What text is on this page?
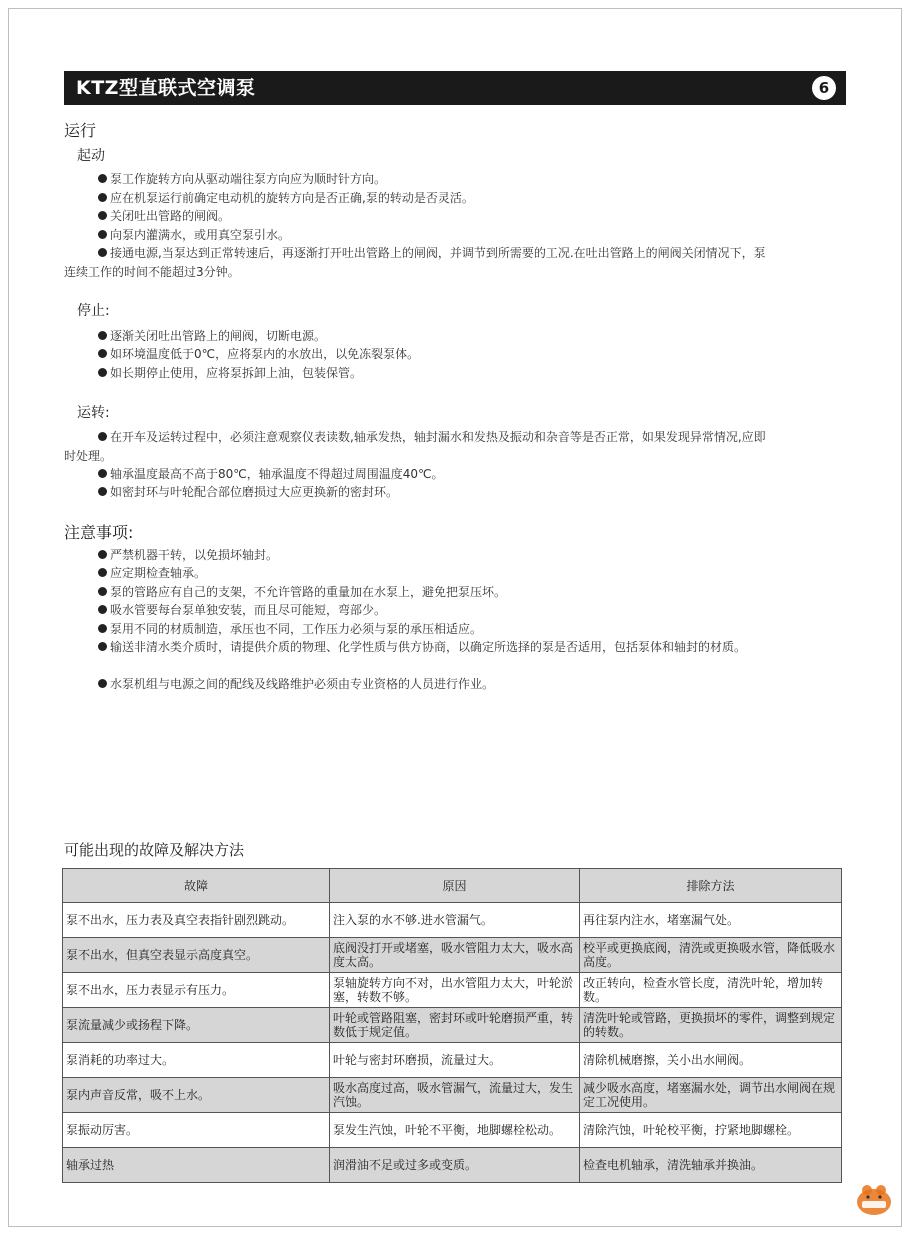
KTZ型直联式空调泵	6
运行
起动
泵工作旋转方向从驱动端往泵方向应为顺时针方向。
应在机泵运行前确定电动机的旋转方向是否正确,泵的转动是否灵活。
关闭吐出管路的闸阀。
向泵内灌满水，或用真空泵引水。
接通电源,当泵达到正常转速后，再逐渐打开吐出管路上的闸阀，并调节到所需要的工况.在吐出管路上的闸阀关闭情况下，泵连续工作的时间不能超过3分钟。
停止:
逐渐关闭吐出管路上的闸阀，切断电源。
如环境温度低于0℃，应将泵内的水放出，以免冻裂泵体。
如长期停止使用，应将泵拆卸上油，包装保管。
运转:
在开车及运转过程中，必须注意观察仪表读数,轴承发热，轴封漏水和发热及振动和杂音等是否正常，如果发现异常情况,应即时处理。
轴承温度最高不高于80℃，轴承温度不得超过周围温度40℃。
如密封环与叶轮配合部位磨损过大应更换新的密封环。
注意事项:
严禁机器干转，以免损坏轴封。
应定期检查轴承。
泵的管路应有自己的支架，不允许管路的重量加在水泵上，避免把泵压坏。
吸水管要每台泵单独安装，而且尽可能短，弯部少。
泵用不同的材质制造，承压也不同，工作压力必须与泵的承压相适应。
输送非清水类介质时，请提供介质的物理、化学性质与供方协商，以确定所选择的泵是否适用，包括泵体和轴封的材质。
水泵机组与电源之间的配线及线路维护必须由专业资格的人员进行作业。
可能出现的故障及解决方法
故障	原因	排除方法
泵不出水，压力表及真空表指针剧烈跳动。	注入泵的水不够.进水管漏气。	再往泵内注水，堵塞漏气处。
泵不出水，但真空表显示高度真空。	底阀没打开或堵塞，吸水管阻力太大，吸水高度太高。	校平或更换底阀，清洗或更换吸水管，降低吸水高度。
泵不出水，压力表显示有压力。	泵轴旋转方向不对，出水管阻力太大，叶轮淤塞，转数不够。	改正转向，检查水管长度，清洗叶轮，增加转数。
泵流量减少或扬程下降。	叶轮或管路阻塞，密封环或叶轮磨损严重，转数低于规定值。	清洗叶轮或管路，更换损坏的零件，调整到规定的转数。
泵消耗的功率过大。	叶轮与密封环磨损，流量过大。	清除机械磨擦，关小出水闸阀。
泵内声音反常，吸不上水。	吸水高度过高，吸水管漏气，流量过大，发生汽蚀。	减少吸水高度，堵塞漏水处，调节出水闸阀在规定工况使用。
泵振动厉害。	泵发生汽蚀，叶轮不平衡，地脚螺栓松动。	清除汽蚀，叶轮校平衡，拧紧地脚螺栓。
轴承过热	润滑油不足或过多或变质。	检查电机轴承，清洗轴承并换油。
